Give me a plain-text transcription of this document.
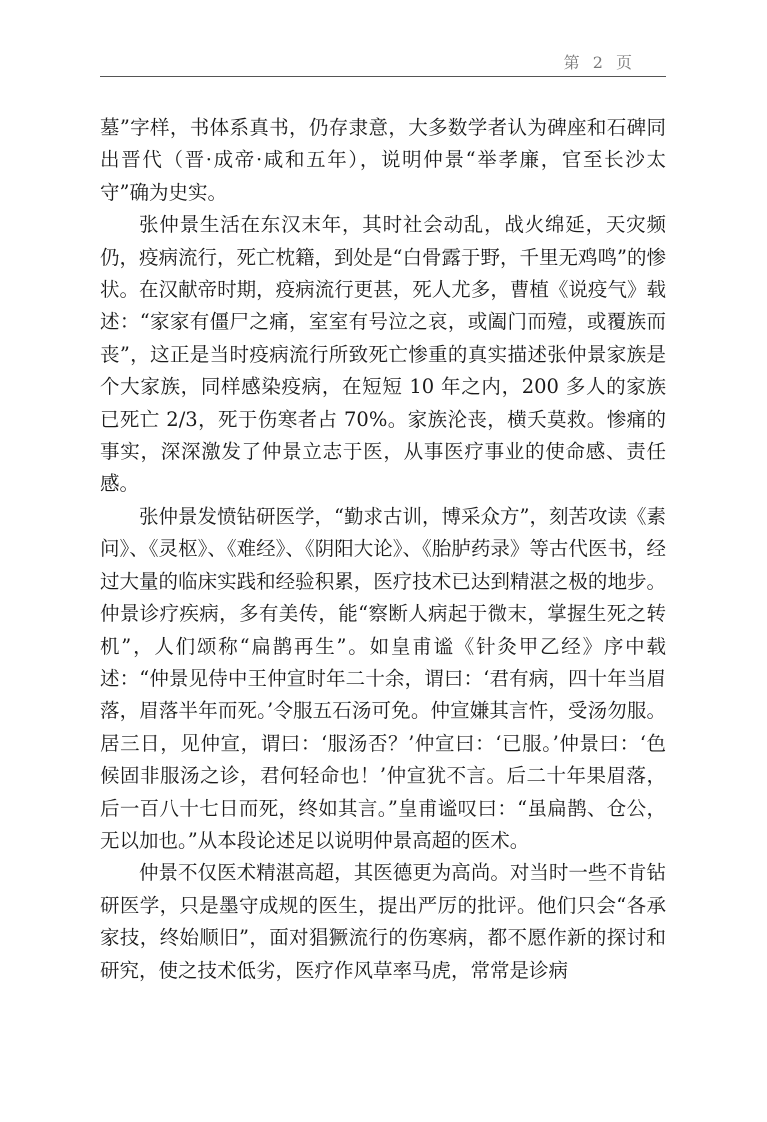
第 2 页

墓”字样，书体系真书，仍存隶意，大多数学者认为碑座和石碑同出晋代（晋·成帝·咸和五年），说明仲景“举孝廉，官至长沙太守”确为史实。

张仲景生活在东汉末年，其时社会动乱，战火绵延，天灾频仍，疫病流行，死亡枕籍，到处是“白骨露于野，千里无鸡鸣”的惨状。在汉献帝时期，疫病流行更甚，死人尤多，曹植《说疫气》载述：“家家有僵尸之痛，室室有号泣之哀，或阖门而殪，或覆族而丧”，这正是当时疫病流行所致死亡惨重的真实描述张仲景家族是个大家族，同样感染疫病，在短短 10 年之内，200 多人的家族已死亡 2/3，死于伤寒者占 70%。家族沦丧，横夭莫救。惨痛的事实，深深激发了仲景立志于医，从事医疗事业的使命感、责任感。

张仲景发愤钻研医学，“勤求古训，博采众方”，刻苦攻读《素问》、《灵枢》、《难经》、《阴阳大论》、《胎胪药录》等古代医书，经过大量的临床实践和经验积累，医疗技术已达到精湛之极的地步。仲景诊疗疾病，多有美传，能“察断人病起于微末，掌握生死之转机”，人们颂称“扁鹊再生”。如皇甫谧《针灸甲乙经》序中载述：“仲景见侍中王仲宣时年二十余，谓曰：‘君有病，四十年当眉落，眉落半年而死。’令服五石汤可免。仲宣嫌其言忤，受汤勿服。居三日，见仲宣，谓曰：‘服汤否？’仲宣曰：‘已服。’仲景曰：‘色候固非服汤之诊，君何轻命也！’仲宣犹不言。后二十年果眉落，后一百八十七日而死，终如其言。”皇甫谧叹曰：“虽扁鹊、仓公，无以加也。”从本段论述足以说明仲景高超的医术。

仲景不仅医术精湛高超，其医德更为高尚。对当时一些不肯钻研医学，只是墨守成规的医生，提出严厉的批评。他们只会“各承家技，终始顺旧”，面对猖獗流行的伤寒病，都不愿作新的探讨和研究，使之技术低劣，医疗作风草率马虎，常常是诊病
